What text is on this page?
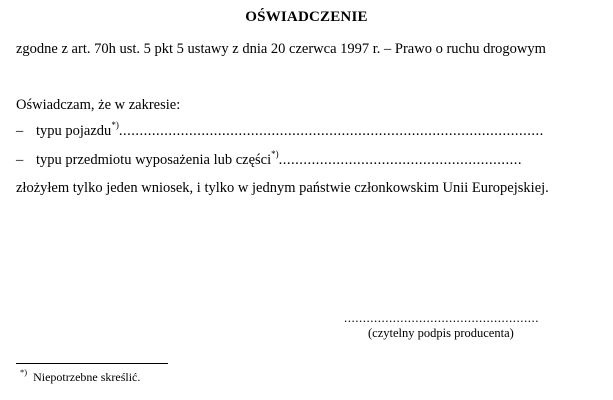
OŚWIADCZENIE
zgodne z art. 70h ust. 5 pkt 5 ustawy z dnia 20 czerwca 1997 r. – Prawo o ruchu drogowym
Oświadczam, że w zakresie:
– typu pojazdu*).......................................................................................................
– typu przedmiotu wyposażenia lub części*)...........................................................
złożyłem tylko jeden wniosek, i tylko w jednym państwie członkowskim Unii Europejskiej.
....................................................
(czytelny podpis producenta)
*) Niepotrzebne skreślić.
